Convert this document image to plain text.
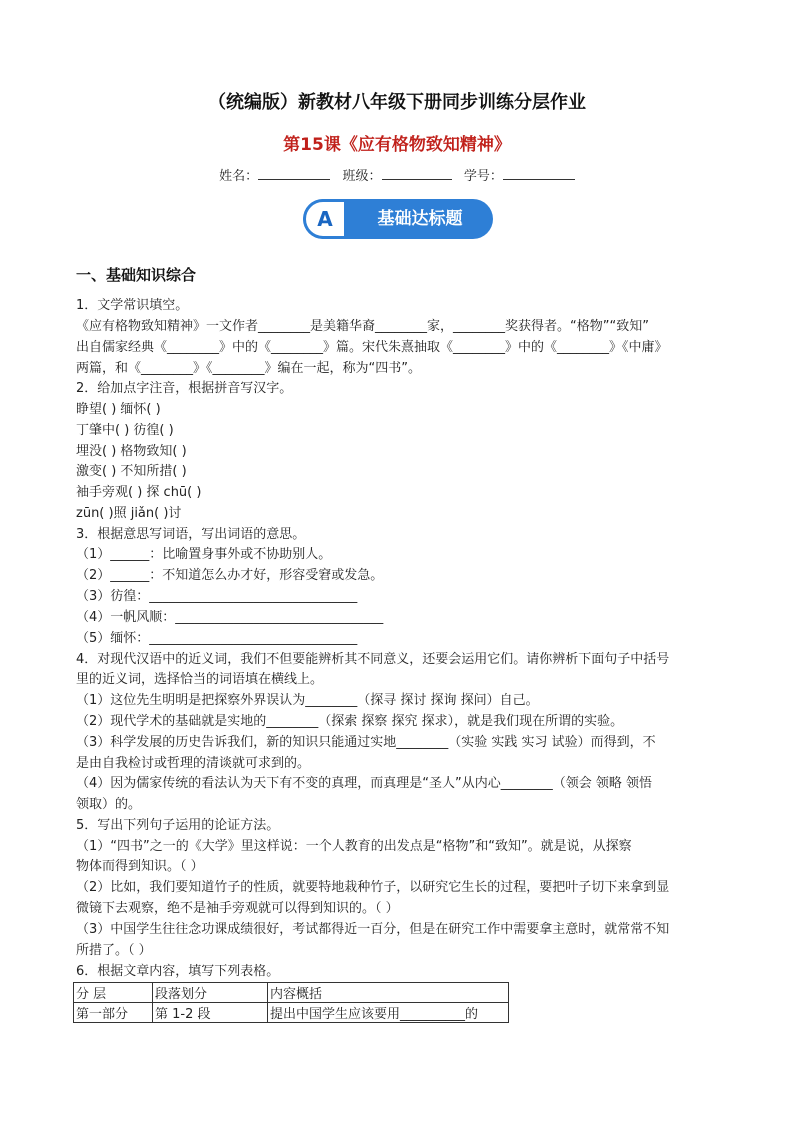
（统编版）新教材八年级下册同步训练分层作业
第15课《应有格物致知精神》
姓名：	班级：	学号：
A	基础达标题
一、基础知识综合
1．文学常识填空。
《应有格物致知精神》一文作者________是美籍华裔________家，________奖获得者。“格物”“致知”
出自儒家经典《________》中的《________》篇。宋代朱熹抽取《________》中的《________》《中庸》
两篇，和《________》《________》编在一起，称为“四书”。
2．给加点字注音，根据拼音写汉字。
睁望( ) 缅怀( )
丁肇中( ) 彷徨( )
埋没( ) 格物致知( )
激变( ) 不知所措( )
袖手旁观( ) 探 chū( )
zūn( )照 jiǎn( )讨
3．根据意思写词语，写出词语的意思。
（1）______：比喻置身事外或不协助别人。
（2）______：不知道怎么办才好，形容受窘或发急。
（3）彷徨：________________________________
（4）一帆风顺：________________________________
（5）缅怀：________________________________
4．对现代汉语中的近义词，我们不但要能辨析其不同意义，还要会运用它们。请你辨析下面句子中括号
里的近义词，选择恰当的词语填在横线上。
（1）这位先生明明是把探察外界误认为________（探寻 探讨 探询 探问）自己。
（2）现代学术的基础就是实地的________（探索 探察 探究 探求），就是我们现在所谓的实验。
（3）科学发展的历史告诉我们，新的知识只能通过实地________（实验 实践 实习 试验）而得到，不
是由自我检讨或哲理的清谈就可求到的。
（4）因为儒家传统的看法认为天下有不变的真理，而真理是“圣人”从内心________（领会 领略 领悟
领取）的。
5．写出下列句子运用的论证方法。
（1）“四书”之一的《大学》里这样说：一个人教育的出发点是“格物”和“致知”。就是说，从探察
物体而得到知识。（ ）
（2）比如，我们要知道竹子的性质，就要特地栽种竹子，以研究它生长的过程，要把叶子切下来拿到显
微镜下去观察，绝不是袖手旁观就可以得到知识的。（ ）
（3）中国学生往往念功课成绩很好，考试都得近一百分，但是在研究工作中需要拿主意时，就常常不知
所措了。（ ）
6．根据文章内容，填写下列表格。
分 层	段落划分	内容概括
第一部分	第 1-2 段	提出中国学生应该要用__________的
